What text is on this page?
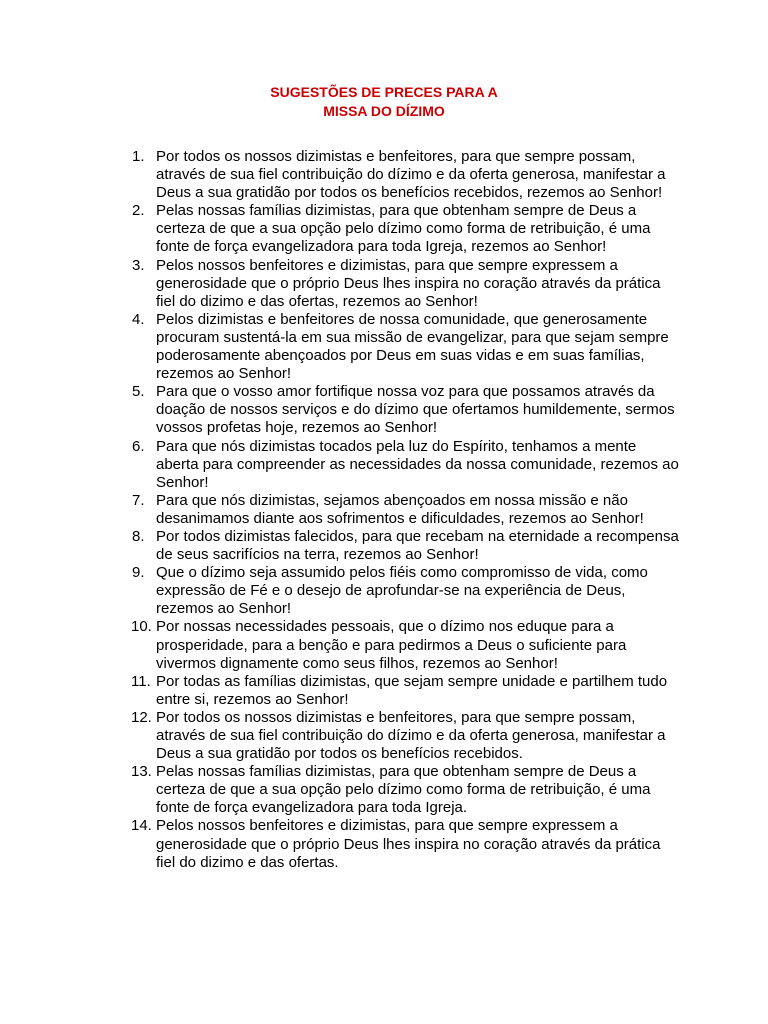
SUGESTÕES DE PRECES PARA A
MISSA DO DÍZIMO
1. Por todos os nossos dizimistas e benfeitores, para que sempre possam, através de sua fiel contribuição do dízimo e da oferta generosa, manifestar a Deus a sua gratidão por todos os benefícios recebidos, rezemos ao Senhor!
2. Pelas nossas famílias dizimistas, para que obtenham sempre de Deus a certeza de que a sua opção pelo dízimo como forma de retribuição, é uma fonte de força evangelizadora para toda Igreja, rezemos ao Senhor!
3. Pelos nossos benfeitores e dizimistas, para que sempre expressem a generosidade que o próprio Deus lhes inspira no coração através da prática fiel do dizimo e das ofertas, rezemos ao Senhor!
4. Pelos dizimistas e benfeitores de nossa comunidade, que generosamente procuram sustentá-la em sua missão de evangelizar, para que sejam sempre poderosamente abençoados por Deus em suas vidas e em suas famílias, rezemos ao Senhor!
5. Para que o vosso amor fortifique nossa voz para que possamos através da doação de nossos serviços e do dízimo que ofertamos humildemente, sermos vossos profetas hoje, rezemos ao Senhor!
6. Para que nós dizimistas tocados pela luz do Espírito, tenhamos a mente aberta para compreender as necessidades da nossa comunidade, rezemos ao Senhor!
7. Para que nós dizimistas, sejamos abençoados em nossa missão e não desanimamos diante aos sofrimentos e dificuldades, rezemos ao Senhor!
8. Por todos dizimistas falecidos, para que recebam na eternidade a recompensa de seus sacrifícios na terra, rezemos ao Senhor!
9. Que o dízimo seja assumido pelos fiéis como compromisso de vida, como expressão de Fé e o desejo de aprofundar-se na experiência de Deus, rezemos ao Senhor!
10. Por nossas necessidades pessoais, que o dízimo nos eduque para a prosperidade, para a benção e para pedirmos a Deus o suficiente para vivermos dignamente como seus filhos, rezemos ao Senhor!
11. Por todas as famílias dizimistas, que sejam sempre unidade e partilhem tudo entre si, rezemos ao Senhor!
12. Por todos os nossos dizimistas e benfeitores, para que sempre possam, através de sua fiel contribuição do dízimo e da oferta generosa, manifestar a Deus a sua gratidão por todos os benefícios recebidos.
13. Pelas nossas famílias dizimistas, para que obtenham sempre de Deus a certeza de que a sua opção pelo dízimo como forma de retribuição, é uma fonte de força evangelizadora para toda Igreja.
14. Pelos nossos benfeitores e dizimistas, para que sempre expressem a generosidade que o próprio Deus lhes inspira no coração através da prática fiel do dizimo e das ofertas.
